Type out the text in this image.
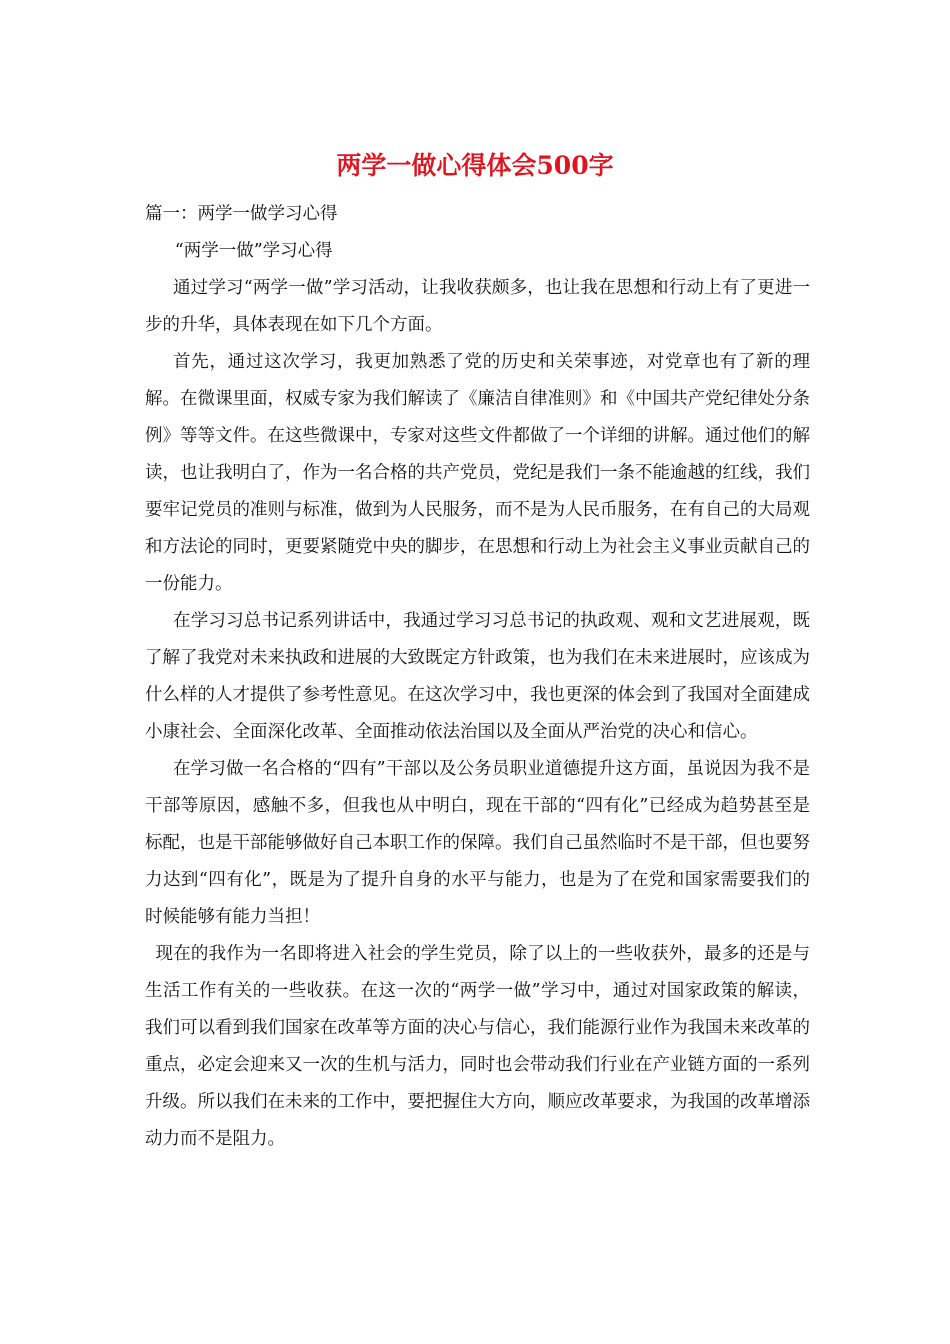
两学一做心得体会500字

篇一：两学一做学习心得

“两学一做”学习心得

通过学习“两学一做”学习活动，让我收获颇多，也让我在思想和行动上有了更进一步的升华，具体表现在如下几个方面。

首先，通过这次学习，我更加熟悉了党的历史和关荣事迹，对党章也有了新的理解。在微课里面，权威专家为我们解读了《廉洁自律准则》和《中国共产党纪律处分条例》等等文件。在这些微课中，专家对这些文件都做了一个详细的讲解。通过他们的解读，也让我明白了，作为一名合格的共产党员，党纪是我们一条不能逾越的红线，我们要牢记党员的准则与标准，做到为人民服务，而不是为人民币服务，在有自己的大局观和方法论的同时，更要紧随党中央的脚步，在思想和行动上为社会主义事业贡献自己的一份能力。

在学习习总书记系列讲话中，我通过学习习总书记的执政观、观和文艺进展观，既了解了我党对未来执政和进展的大致既定方针政策，也为我们在未来进展时，应该成为什么样的人才提供了参考性意见。在这次学习中，我也更深的体会到了我国对全面建成小康社会、全面深化改革、全面推动依法治国以及全面从严治党的决心和信心。

在学习做一名合格的“四有”干部以及公务员职业道德提升这方面，虽说因为我不是干部等原因，感触不多，但我也从中明白，现在干部的“四有化”已经成为趋势甚至是标配，也是干部能够做好自己本职工作的保障。我们自己虽然临时不是干部，但也要努力达到“四有化”，既是为了提升自身的水平与能力，也是为了在党和国家需要我们的时候能够有能力当担！

现在的我作为一名即将进入社会的学生党员，除了以上的一些收获外，最多的还是与生活工作有关的一些收获。在这一次的“两学一做”学习中，通过对国家政策的解读，我们可以看到我们国家在改革等方面的决心与信心，我们能源行业作为我国未来改革的重点，必定会迎来又一次的生机与活力，同时也会带动我们行业在产业链方面的一系列升级。所以我们在未来的工作中，要把握住大方向，顺应改革要求，为我国的改革增添动力而不是阻力。
